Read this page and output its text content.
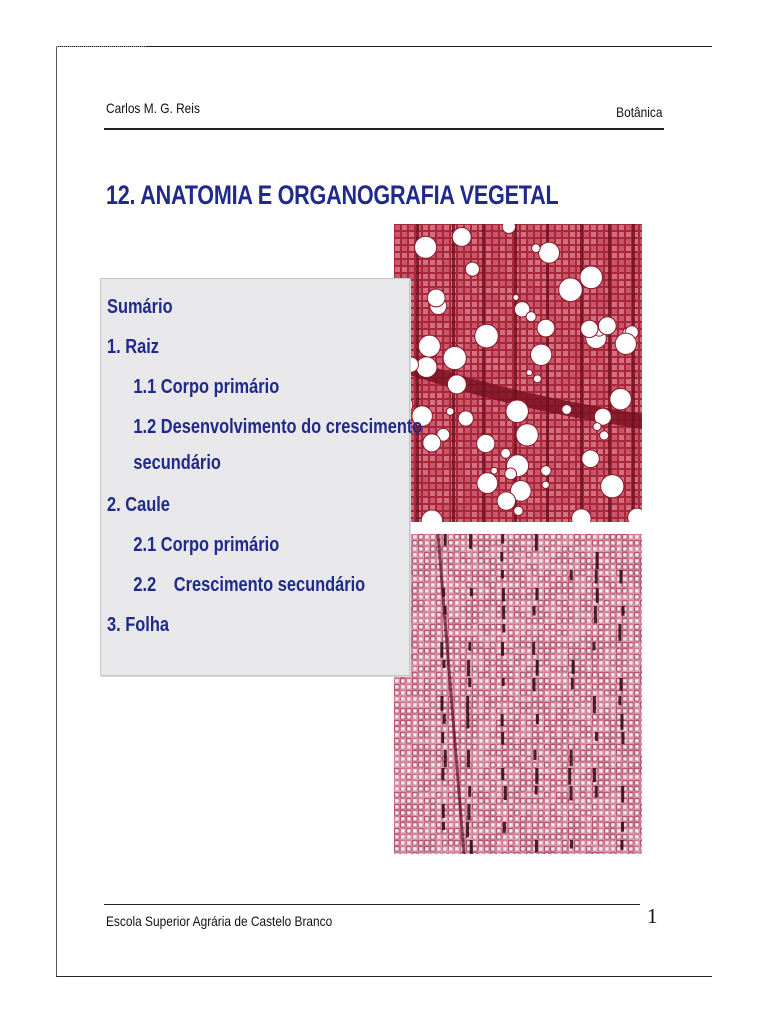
Carlos M. G. Reis	Botânica
12. ANATOMIA E ORGANOGRAFIA VEGETAL
Sumário
1. Raiz
1.1 Corpo primário
1.2 Desenvolvimento do crescimento secundário
2. Caule
2.1 Corpo primário
2.2 Crescimento secundário
3. Folha
Escola Superior Agrária de Castelo Branco	1
